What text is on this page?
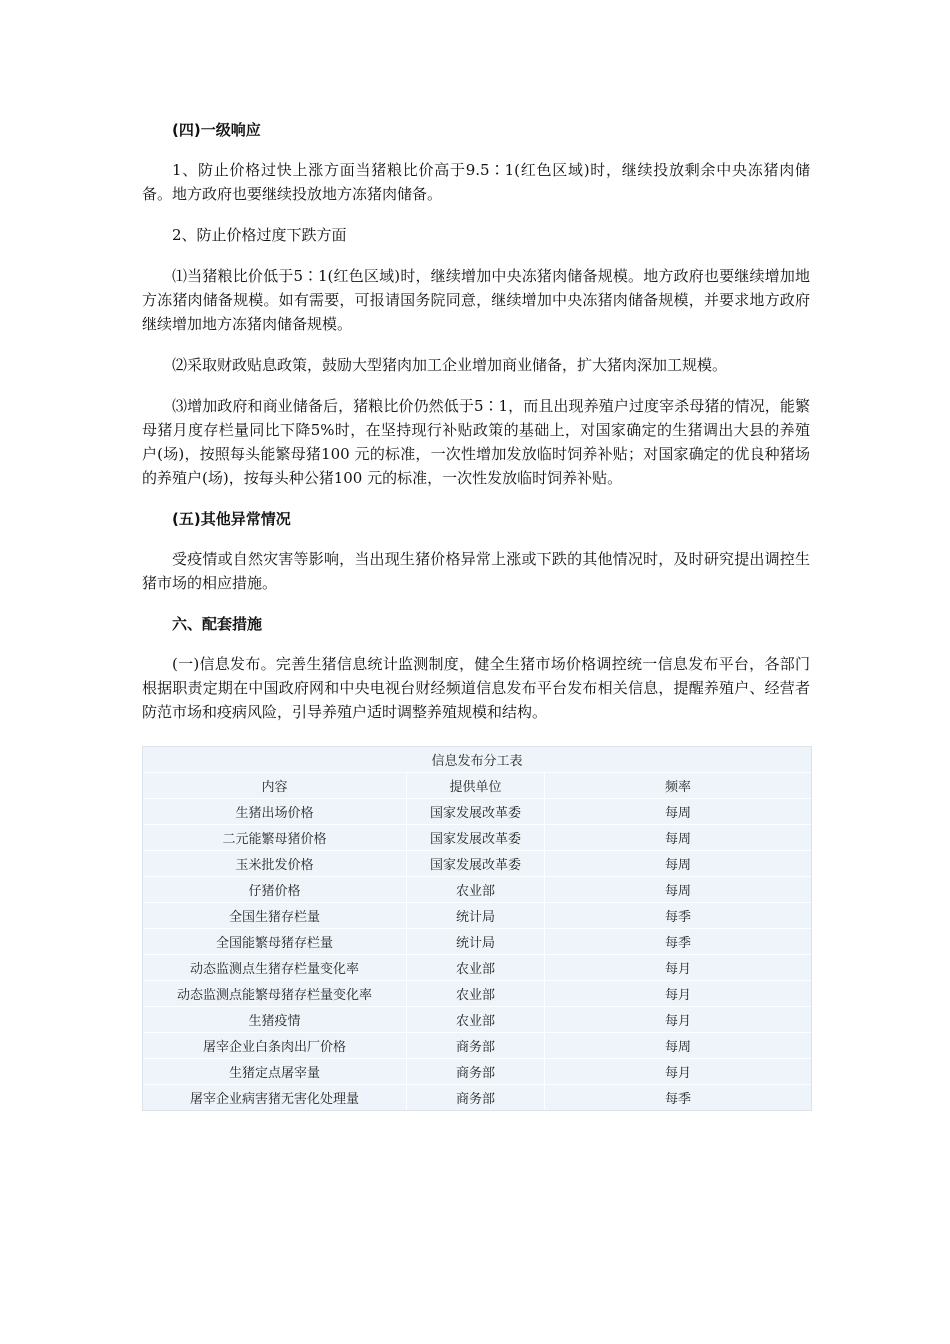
(四)一级响应
1、防止价格过快上涨方面当猪粮比价高于9.5∶1(红色区域)时，继续投放剩余中央冻猪肉储备。地方政府也要继续投放地方冻猪肉储备。
2、防止价格过度下跌方面
⑴当猪粮比价低于5∶1(红色区域)时，继续增加中央冻猪肉储备规模。地方政府也要继续增加地方冻猪肉储备规模。如有需要，可报请国务院同意，继续增加中央冻猪肉储备规模，并要求地方政府继续增加地方冻猪肉储备规模。
⑵采取财政贴息政策，鼓励大型猪肉加工企业增加商业储备，扩大猪肉深加工规模。
⑶增加政府和商业储备后，猪粮比价仍然低于5∶1，而且出现养殖户过度宰杀母猪的情况，能繁母猪月度存栏量同比下降5%时，在坚持现行补贴政策的基础上，对国家确定的生猪调出大县的养殖户(场)，按照每头能繁母猪100 元的标准，一次性增加发放临时饲养补贴；对国家确定的优良种猪场的养殖户(场)，按每头种公猪100 元的标准，一次性发放临时饲养补贴。
(五)其他异常情况
受疫情或自然灾害等影响，当出现生猪价格异常上涨或下跌的其他情况时，及时研究提出调控生猪市场的相应措施。
六、配套措施
(一)信息发布。完善生猪信息统计监测制度，健全生猪市场价格调控统一信息发布平台，各部门根据职责定期在中国政府网和中央电视台财经频道信息发布平台发布相关信息，提醒养殖户、经营者防范市场和疫病风险，引导养殖户适时调整养殖规模和结构。
信息发布分工表		
内容	提供单位	频率
生猪出场价格	国家发展改革委	每周
二元能繁母猪价格	国家发展改革委	每周
玉米批发价格	国家发展改革委	每周
仔猪价格	农业部	每周
全国生猪存栏量	统计局	每季
全国能繁母猪存栏量	统计局	每季
动态监测点生猪存栏量变化率	农业部	每月
动态监测点能繁母猪存栏量变化率	农业部	每月
生猪疫情	农业部	每月
屠宰企业白条肉出厂价格	商务部	每周
生猪定点屠宰量	商务部	每月
屠宰企业病害猪无害化处理量	商务部	每季
